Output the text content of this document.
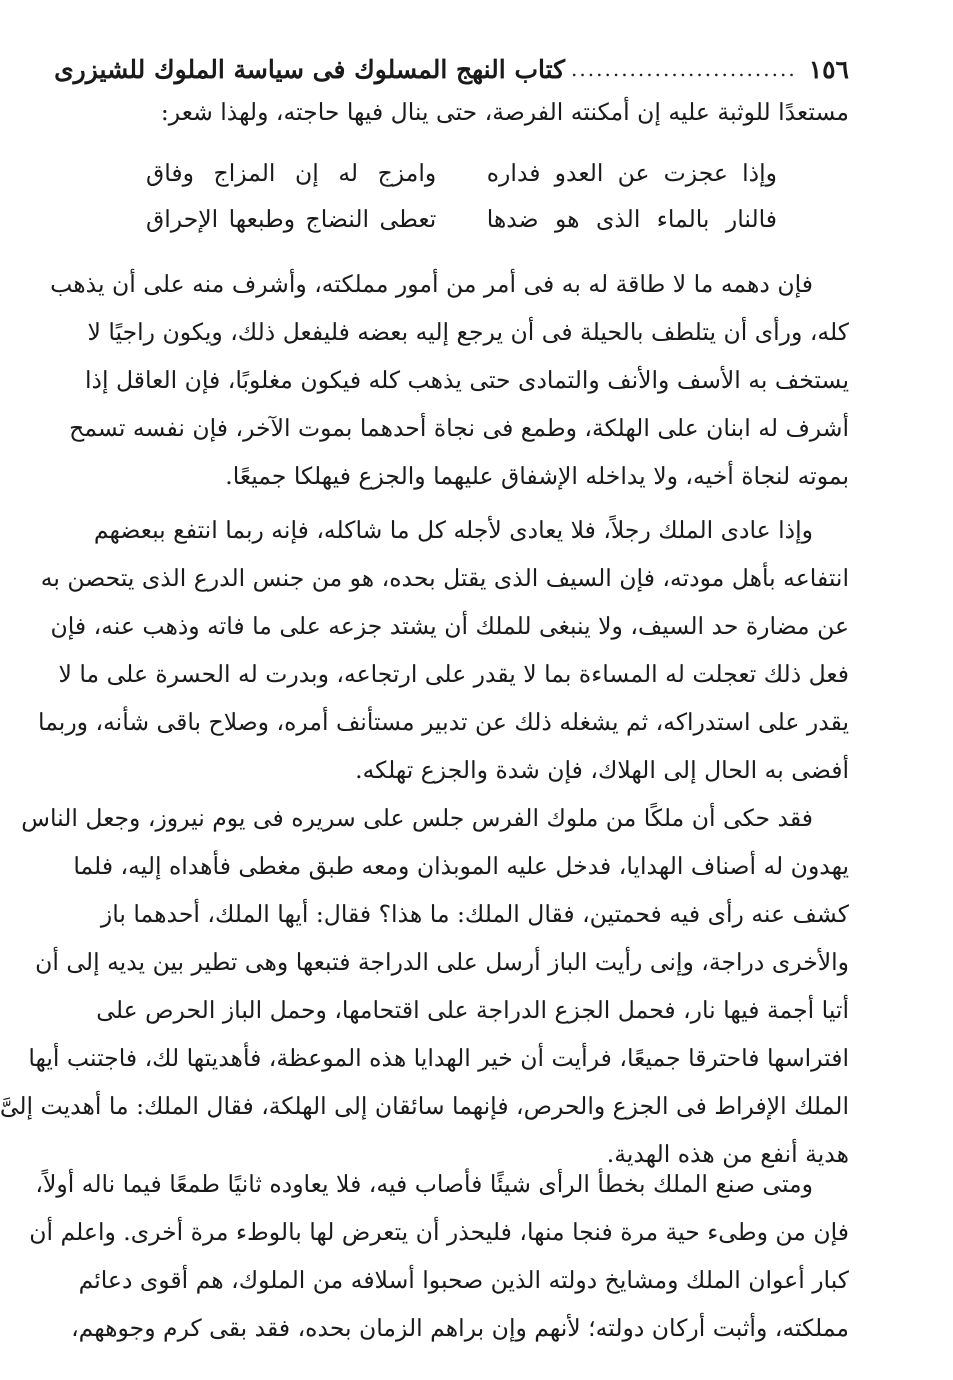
١٥٦
...........................
كتاب النهج المسلوك فى سياسة الملوك للشيزرى
مستعدًا للوثبة عليه إن أمكنته الفرصة، حتى ينال فيها حاجته، ولهذا شعر:
وإذا عجزت عن العدو فداره
وامزج له إن المزاج وفاق
فالنار بالماء الذى هو ضدها
تعطى النضاج وطبعها الإحراق
فإن دهمه ما لا طاقة له به فى أمر من أمور مملكته، وأشرف منه على أن يذهب
كله، ورأى أن يتلطف بالحيلة فى أن يرجع إليه بعضه فليفعل ذلك، ويكون راجيًا لا
يستخف به الأسف والأنف والتمادى حتى يذهب كله فيكون مغلوبًا، فإن العاقل إذا
أشرف له ابنان على الهلكة، وطمع فى نجاة أحدهما بموت الآخر، فإن نفسه تسمح
بموته لنجاة أخيه، ولا يداخله الإشفاق عليهما والجزع فيهلكا جميعًا.
وإذا عادى الملك رجلاً، فلا يعادى لأجله كل ما شاكله، فإنه ربما انتفع ببعضهم
انتفاعه بأهل مودته، فإن السيف الذى يقتل بحده، هو من جنس الدرع الذى يتحصن به
عن مضارة حد السيف، ولا ينبغى للملك أن يشتد جزعه على ما فاته وذهب عنه، فإن
فعل ذلك تعجلت له المساءة بما لا يقدر على ارتجاعه، وبدرت له الحسرة على ما لا
يقدر على استدراكه، ثم يشغله ذلك عن تدبير مستأنف أمره، وصلاح باقى شأنه، وربما
أفضى به الحال إلى الهلاك، فإن شدة والجزع تهلكه.
فقد حكى أن ملكًا من ملوك الفرس جلس على سريره فى يوم نيروز، وجعل الناس
يهدون له أصناف الهدايا، فدخل عليه الموبذان ومعه طبق مغطى فأهداه إليه، فلما
كشف عنه رأى فيه فحمتين، فقال الملك: ما هذا؟ فقال: أيها الملك، أحدهما باز
والأخرى دراجة، وإنى رأيت الباز أرسل على الدراجة فتبعها وهى تطير بين يديه إلى أن
أتيا أجمة فيها نار، فحمل الجزع الدراجة على اقتحامها، وحمل الباز الحرص على
افتراسها فاحترقا جميعًا، فرأيت أن خير الهدايا هذه الموعظة، فأهديتها لك، فاجتنب أيها
الملك الإفراط فى الجزع والحرص، فإنهما سائقان إلى الهلكة، فقال الملك: ما أهديت إلىَّ
هدية أنفع من هذه الهدية.
ومتى صنع الملك بخطأ الرأى شيئًا فأصاب فيه، فلا يعاوده ثانيًا طمعًا فيما ناله أولاً،
فإن من وطىء حية مرة فنجا منها، فليحذر أن يتعرض لها بالوطء مرة أخرى. واعلم أن
كبار أعوان الملك ومشايخ دولته الذين صحبوا أسلافه من الملوك، هم أقوى دعائم
مملكته، وأثبت أركان دولته؛ لأنهم وإن براهم الزمان بحده، فقد بقى كرم وجوههم،
